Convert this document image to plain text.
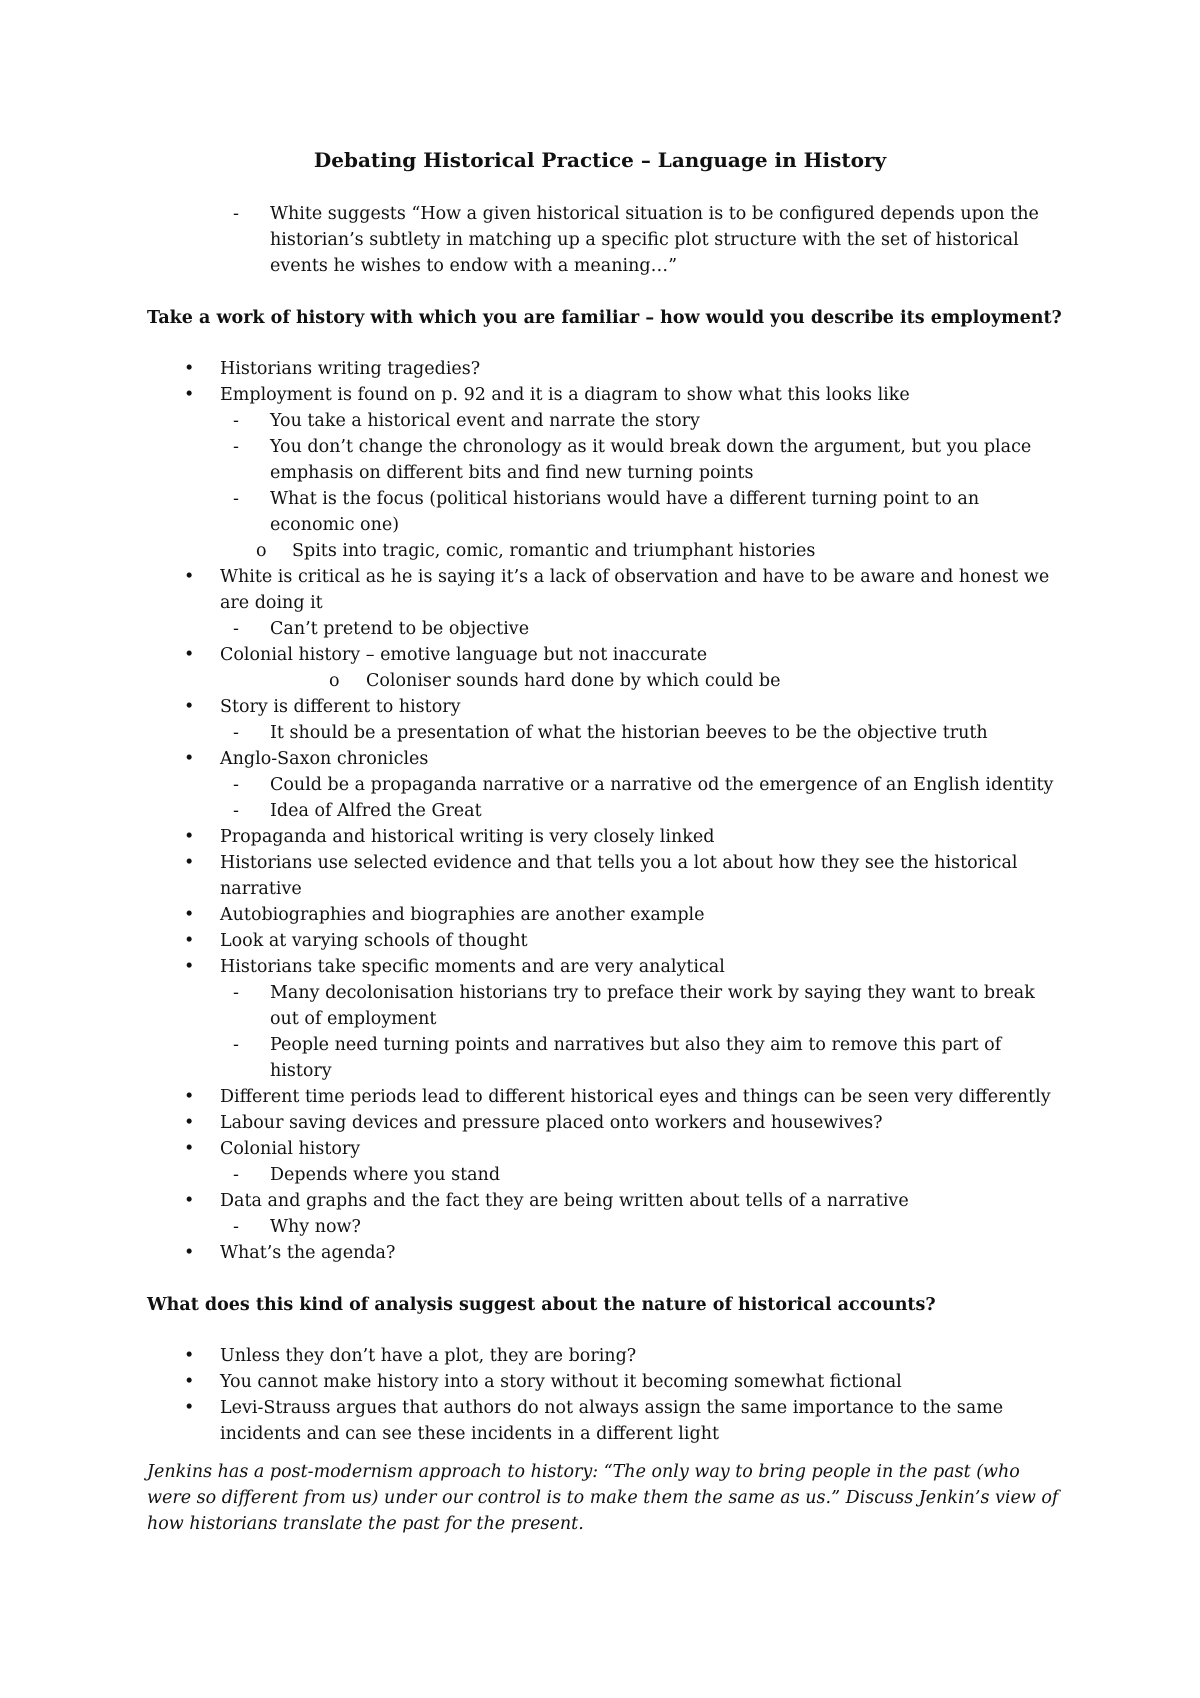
Debating Historical Practice – Language in History
- White suggests “How a given historical situation is to be configured depends upon the
historian’s subtlety in matching up a specific plot structure with the set of historical
events he wishes to endow with a meaning…”
Take a work of history with which you are familiar – how would you describe its employment?
• Historians writing tragedies?
• Employment is found on p. 92 and it is a diagram to show what this looks like
- You take a historical event and narrate the story
- You don’t change the chronology as it would break down the argument, but you place
emphasis on different bits and find new turning points
- What is the focus (political historians would have a different turning point to an
economic one)
o Spits into tragic, comic, romantic and triumphant histories
• White is critical as he is saying it’s a lack of observation and have to be aware and honest we
are doing it
- Can’t pretend to be objective
• Colonial history – emotive language but not inaccurate
o Coloniser sounds hard done by which could be
• Story is different to history
- It should be a presentation of what the historian beeves to be the objective truth
• Anglo-Saxon chronicles
- Could be a propaganda narrative or a narrative od the emergence of an English identity
- Idea of Alfred the Great
• Propaganda and historical writing is very closely linked
• Historians use selected evidence and that tells you a lot about how they see the historical
narrative
• Autobiographies and biographies are another example
• Look at varying schools of thought
• Historians take specific moments and are very analytical
- Many decolonisation historians try to preface their work by saying they want to break
out of employment
- People need turning points and narratives but also they aim to remove this part of
history
• Different time periods lead to different historical eyes and things can be seen very differently
• Labour saving devices and pressure placed onto workers and housewives?
• Colonial history
- Depends where you stand
• Data and graphs and the fact they are being written about tells of a narrative
- Why now?
• What’s the agenda?
What does this kind of analysis suggest about the nature of historical accounts?
• Unless they don’t have a plot, they are boring?
• You cannot make history into a story without it becoming somewhat fictional
• Levi-Strauss argues that authors do not always assign the same importance to the same
incidents and can see these incidents in a different light
Jenkins has a post-modernism approach to history: “The only way to bring people in the past (who
were so different from us) under our control is to make them the same as us.” Discuss Jenkin’s view of
how historians translate the past for the present.
